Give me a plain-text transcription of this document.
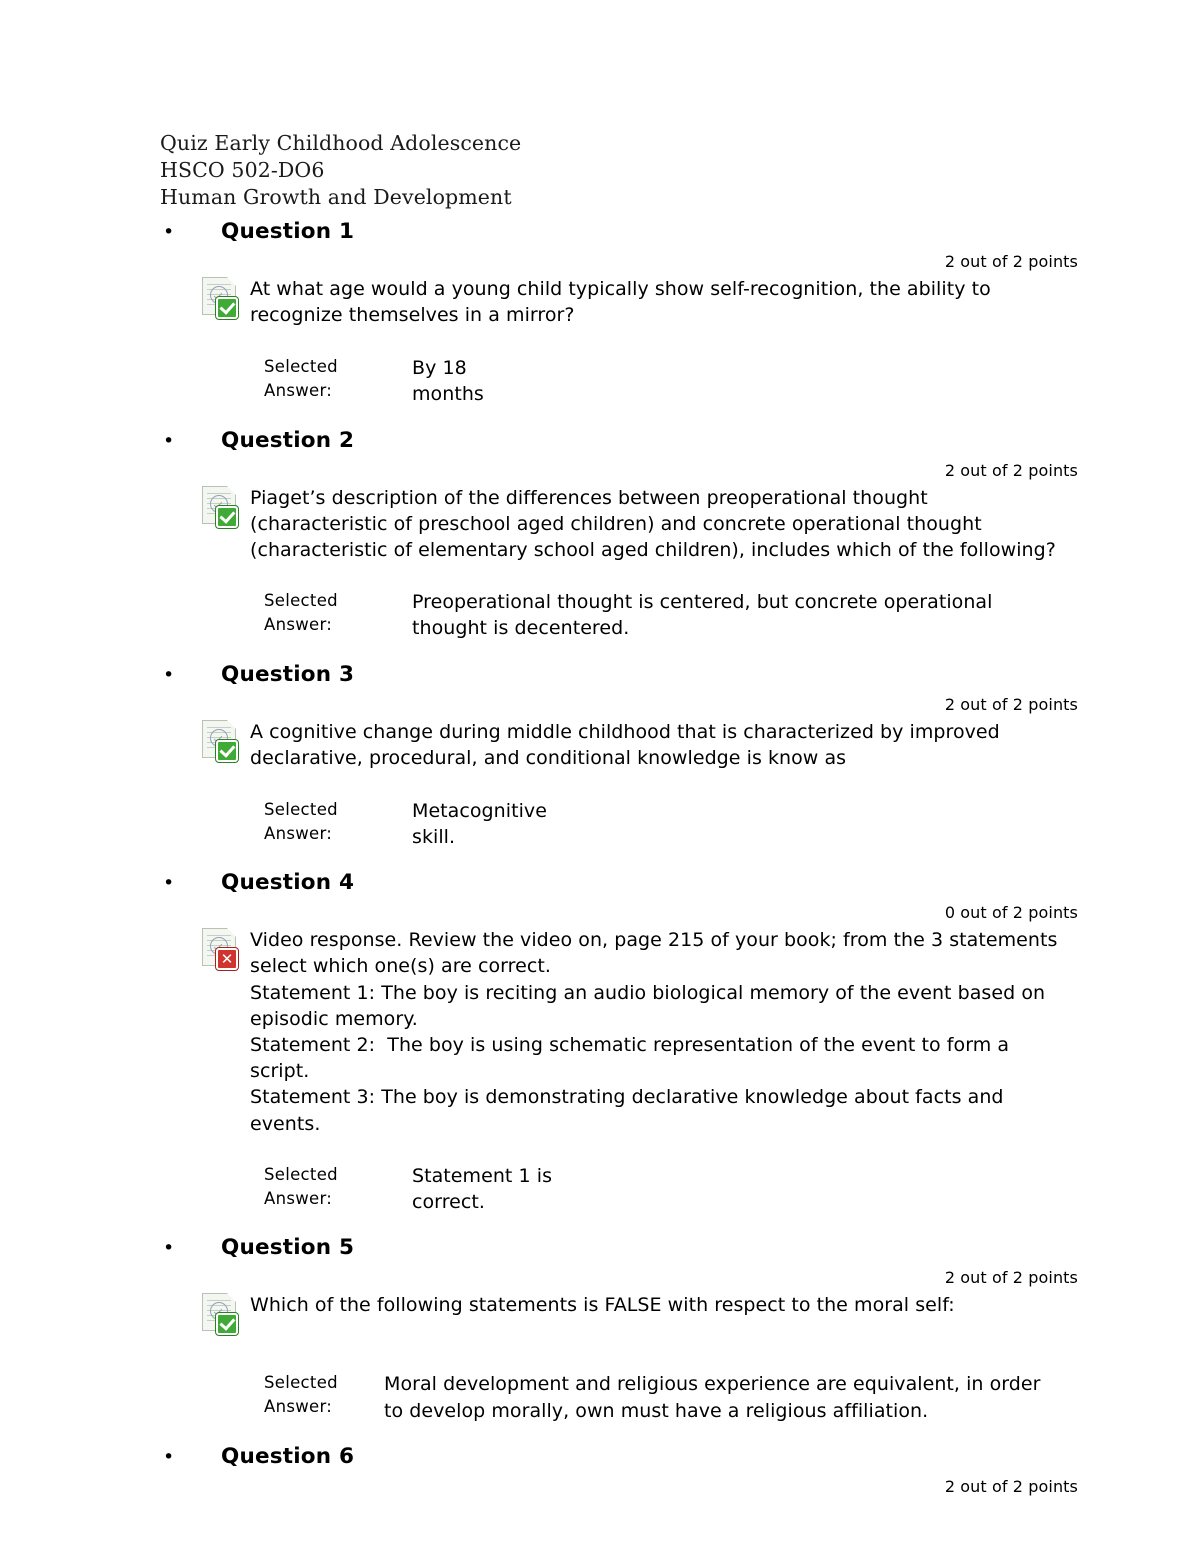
Quiz Early Childhood Adolescence
HSCO 502-DO6
Human Growth and Development
•	Question 1
2 out of 2 points
At what age would a young child typically show self-recognition, the ability to
recognize themselves in a mirror?
Selected
Answer:
By 18
months
•	Question 2
2 out of 2 points
Piaget’s description of the differences between preoperational thought
(characteristic of preschool aged children) and concrete operational thought
(characteristic of elementary school aged children), includes which of the following?
Selected
Answer:
Preoperational thought is centered, but concrete operational
thought is decentered.
•	Question 3
2 out of 2 points
A cognitive change during middle childhood that is characterized by improved
declarative, procedural, and conditional knowledge is know as
Selected
Answer:
Metacognitive
skill.
•	Question 4
0 out of 2 points
✕
Video response. Review the video on, page 215 of your book; from the 3 statements
select which one(s) are correct.
Statement 1: The boy is reciting an audio biological memory of the event based on
episodic memory.
Statement 2:  The boy is using schematic representation of the event to form a
script.
Statement 3: The boy is demonstrating declarative knowledge about facts and
events.
Selected
Answer:
Statement 1 is
correct.
•	Question 5
2 out of 2 points
Which of the following statements is FALSE with respect to the moral self:
Selected
Answer:
Moral development and religious experience are equivalent, in order
to develop morally, own must have a religious affiliation.
•	Question 6
2 out of 2 points
